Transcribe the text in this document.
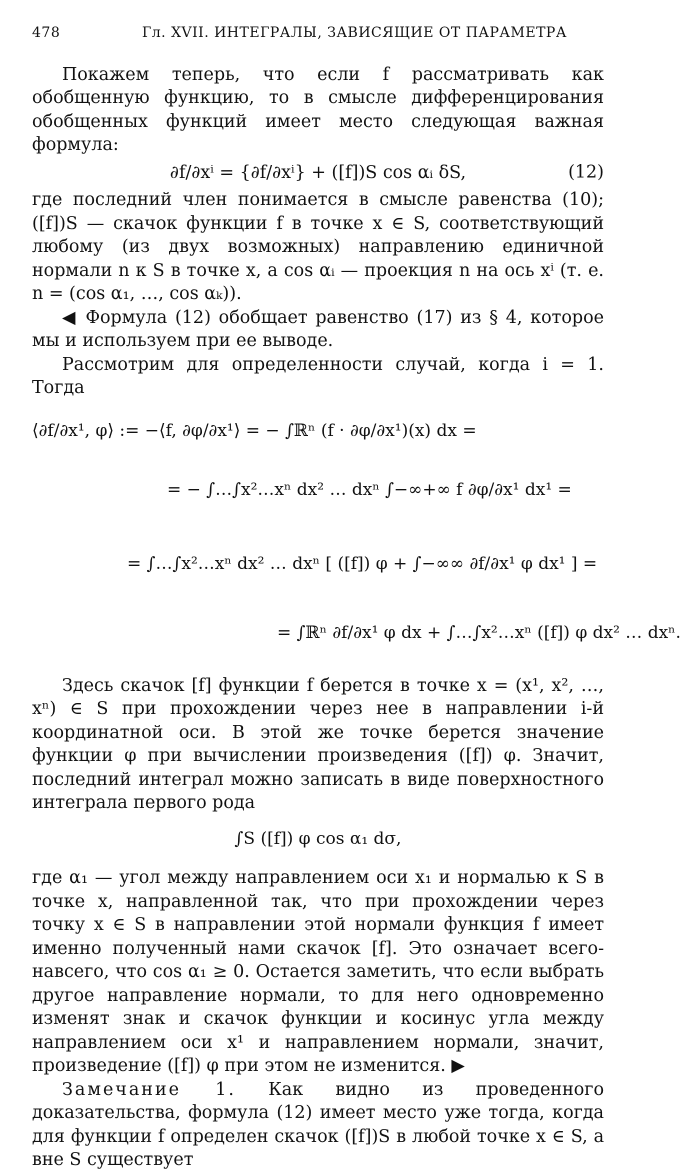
478	Гл. XVII. ИНТЕГРАЛЫ, ЗАВИСЯЩИЕ ОТ ПАРАМЕТРА

Покажем теперь, что если f рассматривать как обобщенную функцию, то в смысле дифференцирования обобщенных функций имеет место следующая важная формула:

∂f/∂xⁱ = {∂f/∂xⁱ} + ([f])S cos αᵢ δS,	(12)

где последний член понимается в смысле равенства (10); ([f])S — скачок функции f в точке x ∈ S, соответствующий любому (из двух возможных) направлению единичной нормали n к S в точке x, а cos αᵢ — проекция n на ось xⁱ (т. е. n = (cos α₁, …, cos αₖ)).

◀ Формула (12) обобщает равенство (17) из § 4, которое мы и используем при ее выводе.

Рассмотрим для определенности случай, когда i = 1. Тогда

⟨∂f/∂x¹, φ⟩ := −⟨f, ∂φ/∂x¹⟩ = − ∫ℝⁿ (f · ∂φ/∂x¹)(x) dx =
= − ∫…∫x²…xⁿ dx² … dxⁿ ∫−∞+∞ f ∂φ/∂x¹ dx¹ =
= ∫…∫x²…xⁿ dx² … dxⁿ [ ([f]) φ + ∫−∞∞ ∂f/∂x¹ φ dx¹ ] =
= ∫ℝⁿ ∂f/∂x¹ φ dx + ∫…∫x²…xⁿ ([f]) φ dx² … dxⁿ.

Здесь скачок [f] функции f берется в точке x = (x¹, x², …, xⁿ) ∈ S при прохождении через нее в направлении i-й координатной оси. В этой же точке берется значение функции φ при вычислении произведения ([f]) φ. Значит, последний интеграл можно записать в виде поверхностного интеграла первого рода

∫S ([f]) φ cos α₁ dσ,

где α₁ — угол между направлением оси x₁ и нормалью к S в точке x, направленной так, что при прохождении через точку x ∈ S в направлении этой нормали функция f имеет именно полученный нами скачок [f]. Это означает всего-навсего, что cos α₁ ≥ 0. Остается заметить, что если выбрать другое направление нормали, то для него одновременно изменят знак и скачок функции и косинус угла между направлением оси x¹ и направлением нормали, значит, произведение ([f]) φ при этом не изменится. ▶

Замечание 1. Как видно из проведенного доказательства, формула (12) имеет место уже тогда, когда для функции f определен скачок ([f])S в любой точке x ∈ S, а вне S существует
